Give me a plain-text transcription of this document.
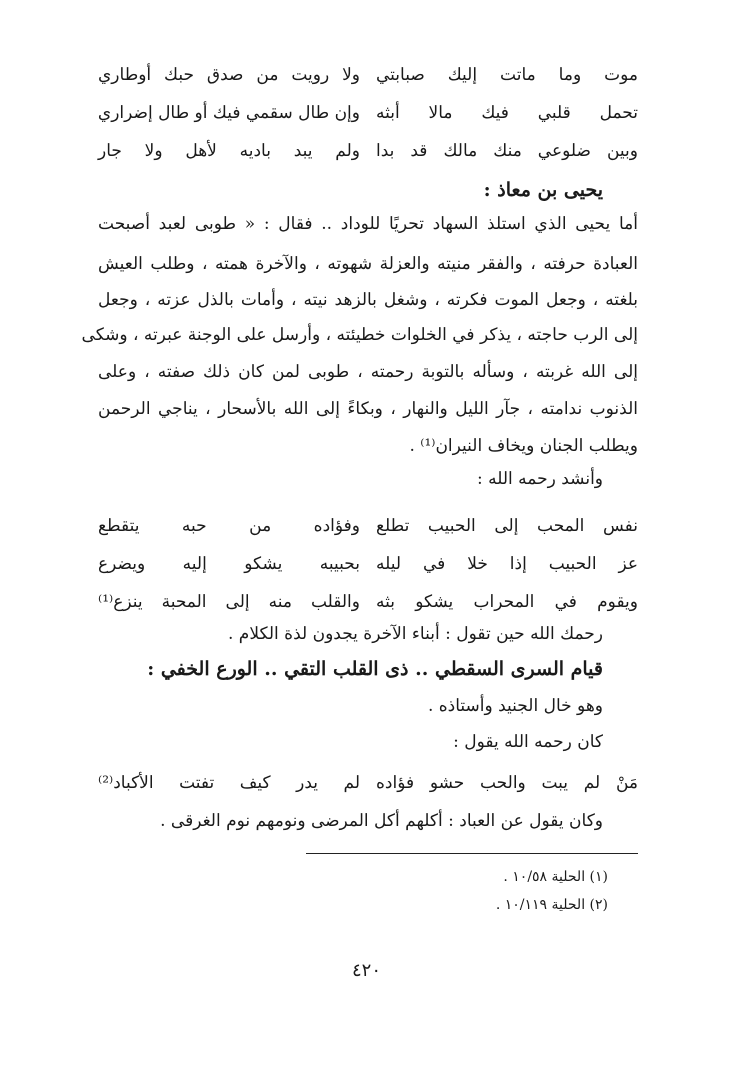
موت وما ماتت إليك صبابتي
ولا رويت من صدق حبك أوطاري
تحمل قلبي فيك مالا أبثه
وإن طال سقمي فيك أو طال إضراري
وبين ضلوعي منك مالك قد بدا
ولم يبد باديه لأهل ولا جار
يحيى بن معاذ :
أما يحيى الذي استلذ السهاد تحريًا للوداد .. فقال : « طوبى لعبد أصبحت
العبادة حرفته ، والفقر منيته والعزلة شهوته ، والآخرة همته ، وطلب العيش
بلغته ، وجعل الموت فكرته ، وشغل بالزهد نيته ، وأمات بالذل عزته ، وجعل
إلى الرب حاجته ، يذكر في الخلوات خطيئته ، وأرسل على الوجنة عبرته ، وشكى
إلى الله غربته ، وسأله بالتوبة رحمته ، طوبى لمن كان ذلك صفته ، وعلى
الذنوب ندامته ، جآر الليل والنهار ، وبكاءً إلى الله بالأسحار ، يناجي الرحمن
ويطلب الجنان ويخاف النيران⁽¹⁾ .
وأنشد رحمه الله :
نفس المحب إلى الحبيب تطلع
وفؤاده من حبه يتقطع
عز الحبيب إذا خلا في ليله
بحبيبه يشكو إليه ويضرع
ويقوم في المحراب يشكو بثه
والقلب منه إلى المحبة ينزع⁽¹⁾
رحمك الله حين تقول : أبناء الآخرة يجدون لذة الكلام .
قيام السرى السقطي .. ذى القلب التقي .. الورع الخفي :
وهو خال الجنيد وأستاذه .
كان رحمه الله يقول :
مَنْ لم يبت والحب حشو فؤاده
لم يدر كيف تفتت الأكباد⁽²⁾
وكان يقول عن العباد : أكلهم أكل المرضى ونومهم نوم الغرقى .
(١) الحلية ١٠/٥٨ .
(٢) الحلية ١٠/١١٩ .
٤٢٠
